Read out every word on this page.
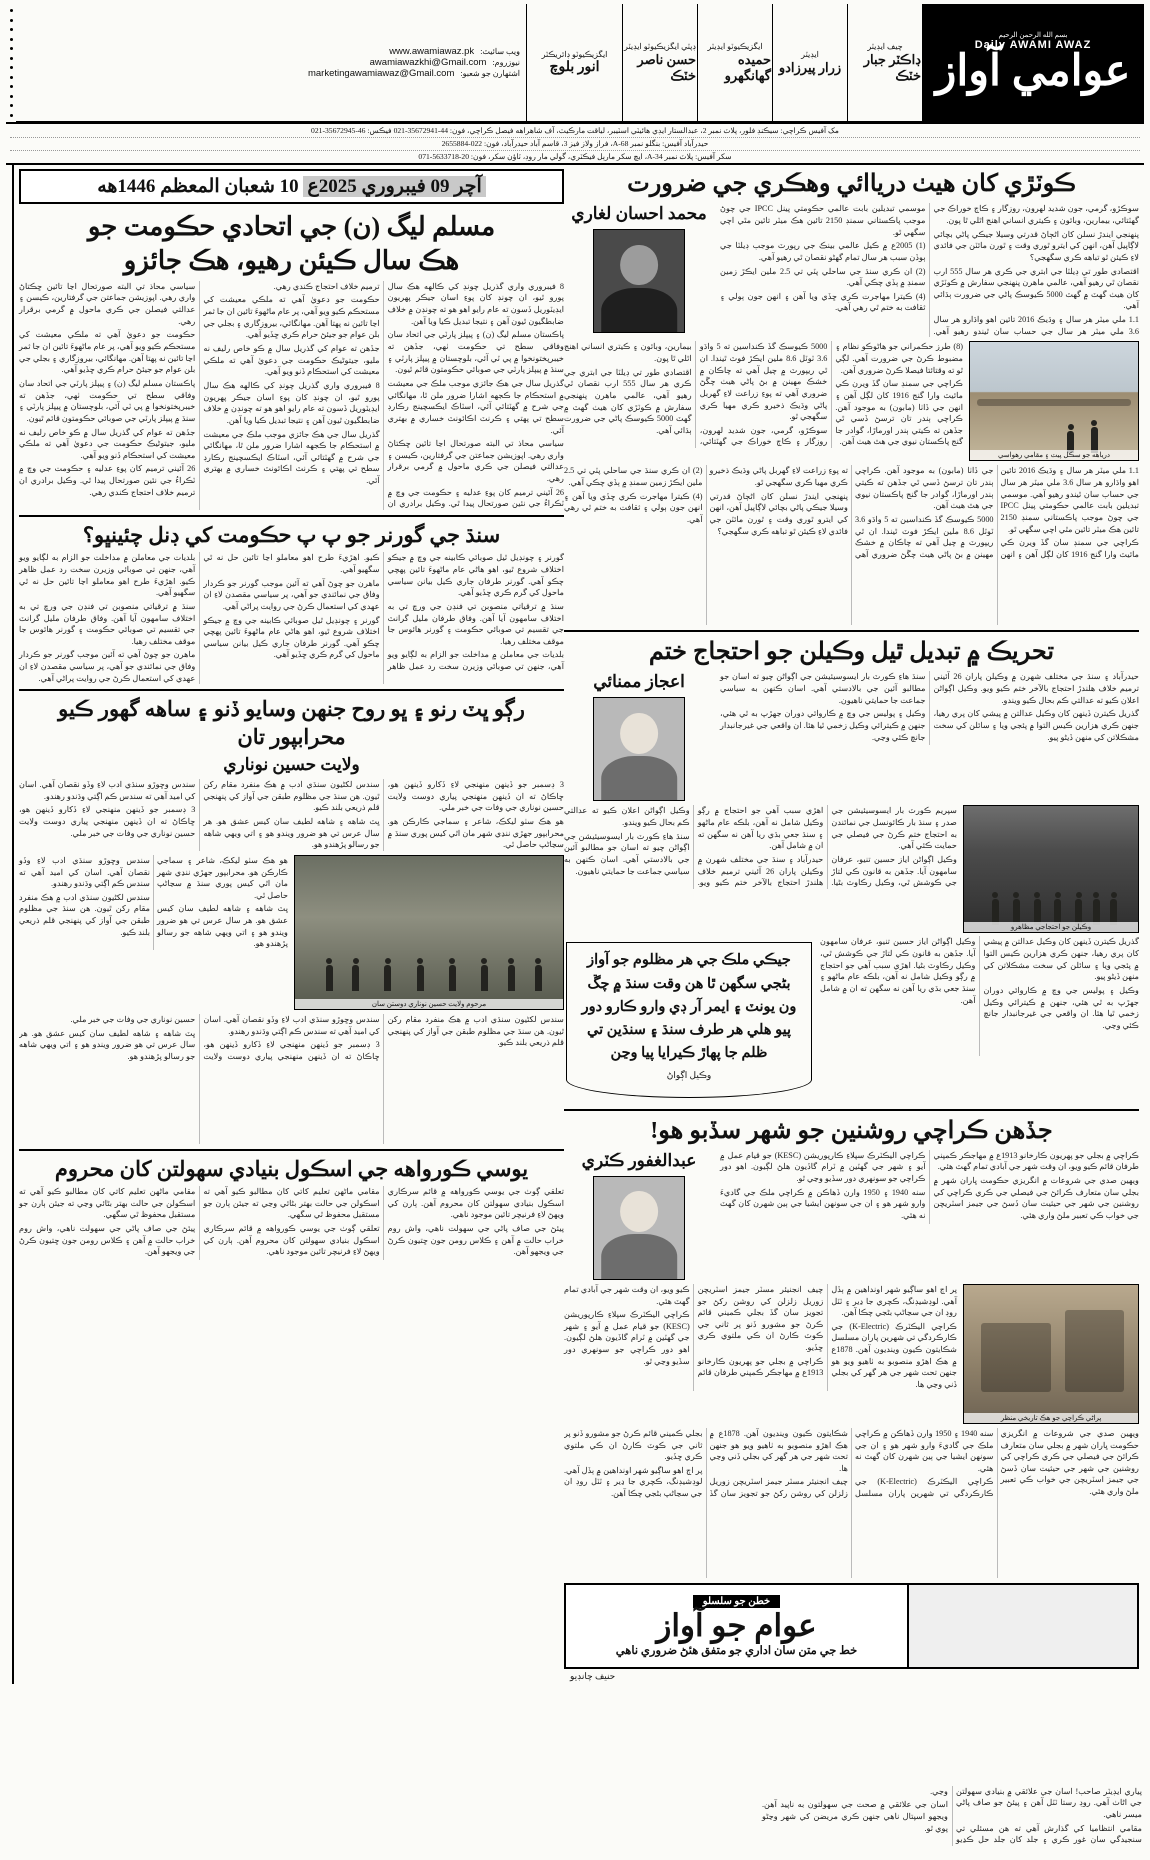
بسم الله الرحمن الرحيم
Daily AWAMI AWAZ
عوامي آواز
چيف ايڊيٽر
ڊاڪٽر جبار خٽڪ
ايڊيٽر
زرار پيرزادو
ايگزيڪيوٽو ايڊيٽر
حميده گهانگهرو
ڊپٽي ايگزيڪيوٽو ايڊيٽر
حسن ناصر خٽڪ
ايگزيڪيوٽو ڊائريڪٽر
انور بلوچ
ويب سائيٽ:
www.awamiawaz.pk
نيوزروم:
awamiawazkhi@Gmail.com
اشتهارن جو شعبو:
marketingawamiawaz@Gmail.com
مک آفيس ڪراچي: سيڪنڊ فلور، پلاٽ نمبر 2، عبدالستار ايڊي هائيٽي اسٽيبر، لياقت مارڪيٽ، آف شاهراهه فيصل ڪراچي، فون: 44-35672941-021 فيڪس: 46-35672945-021
حيدرآباد آفيس: بنگلو نمبر A-68، فراز ولاز فيز 3، قاسم آباد حيدرآباد، فون: 022-2655884
سکر آفيس: پلاٽ نمبر A-34، ايڇ سکر مارٻل فيڪٽري، گولي مار روڊ، ٽاؤن سکر، فون: 20-5633718-071
ڪوٽڙي کان هيٺ درياائي وهڪري جي ضرورت

سوڪڙو، گرمي، جون شديد لهرون، روزگار ۽ ڪاڄ خوراڪ جي گهٽتائي، بيمارين، وبائون ۽ ڪيتري انساني اهنج اٿلي ٿا پون.

پنهنجي ايندڙ نسلن کان اڻڄاڻ قدرتي وسيلا جيڪي پاڻي بچائي لاڳاپيل آهن، انهن کي ايترو ٿوري وقت ۽ ٿورن مائٽن جي فائدي لاءِ ڪيئن ٿو تباهه ڪري سگهجي؟

اقتصادي طور تي ڊيلٽا جي ابتري جي ڪري هر سال 555 ارب نقصان ٿي رهيو آهي، عالمي ماهرن پنهنجي سفارش ۾ ڪوٽڙي کان هيٺ گهٽ ۾ گهٽ 5000 ڪيوسڪ پاڻي جي ضرورت ٻڌائي آهي.

1.1 ملي ميٽر هر سال ۽ وڌيڪ 2016 تائين اهو واڌارو هر سال 3.6 ملي ميٽر هر سال جي حساب سان ٿيندو رهيو آهي. موسمي تبديلين بابت عالمي حڪومتي پينل IPCC جي چوڻ موجب پاڪستاني سمنڊ 2150 تائين هڪ ميٽر تائين مٿي اچي سگهي ٿو.

(1) 2005ع ۾ ڪيل عالمي بينڪ جي رپورٽ موجب ڊيلٽا جي ٻوڏن سبب هر سال تمام گهڻو نقصان ٿي رهيو آهي.

(2) ان ڪري سنڌ جي ساحلي پٽي تي 2.5 ملين ايڪڙ زمين سمنڊ ۾ ٻڏي چڪي آهي.

(4) ڪيترا مهاجرت ڪري ڇڏي ويا آهن ۽ انهن جون ٻولي ۽ ثقافت به ختم ٿي رهي آهي.

محمد احسان لغاري
درياهه جو سڪل پيٽ ۽ مقامي رهواسي

(8) طرز حڪمراني جو هاڻوڪو نظام ۽ مضبوط ڪرڻ جي ضرورت آهي. لڳي ٿو ته وقتائتا فيصلا ڪرڻ ضروري آهن.

ڪراچي جي سمنڊ سان گڏ ويرن ڪي مائيٽ وارا گنج 1916 کان لڳل آهن ۽ انهن جي ڏاٺا (مابون) به موجود آهن. ڪراچي ٻندر تان ترسڻ ڏسي ٿي جڏهن ته ڪيتي ٻندر اورماڙا، گوادر جا گنج پاڪستان نيوي جي هٿ هيٺ آهن.

5000 ڪيوسڪ گڏ ڪنداسين ته 5 واڌو 3.6 ٽوٽل 8.6 ملين ايڪڙ فوٽ ٿيندا. ان ٿي ريپورٽ ۾ چيل آهي ته چاڪان ۾ خشڪ مهينن ۾ بڻ پاڻي هيٺ چڱڻ ضروري آهي ته پوءِ زراعت لاءِ گهربل پاڻي وڌيڪ ذخيرو ڪري مهيا ڪري سگهجي ٿو.

سوڪڙو، گرمي، جون شديد لهرون، روزگار ۽ ڪاڄ خوراڪ جي گهٽتائي، بيمارين، وبائون ۽ ڪيتري انساني اهنج اٿلي ٿا پون.

اقتصادي طور تي ڊيلٽا جي ابتري جي ڪري هر سال 555 ارب نقصان ٿي رهيو آهي، عالمي ماهرن پنهنجي سفارش ۾ ڪوٽڙي کان هيٺ گهٽ ۾ گهٽ 5000 ڪيوسڪ پاڻي جي ضرورت ٻڌائي آهي.

1.1 ملي ميٽر هر سال ۽ وڌيڪ 2016 تائين اهو واڌارو هر سال 3.6 ملي ميٽر هر سال جي حساب سان ٿيندو رهيو آهي. موسمي تبديلين بابت عالمي حڪومتي پينل IPCC جي چوڻ موجب پاڪستاني سمنڊ 2150 تائين هڪ ميٽر تائين مٿي اچي سگهي ٿو.

ڪراچي جي سمنڊ سان گڏ ويرن ڪي مائيٽ وارا گنج 1916 کان لڳل آهن ۽ انهن جي ڏاٺا (مابون) به موجود آهن. ڪراچي ٻندر تان ترسڻ ڏسي ٿي جڏهن ته ڪيتي ٻندر اورماڙا، گوادر جا گنج پاڪستان نيوي جي هٿ هيٺ آهن.

5000 ڪيوسڪ گڏ ڪنداسين ته 5 واڌو 3.6 ٽوٽل 8.6 ملين ايڪڙ فوٽ ٿيندا. ان ٿي ريپورٽ ۾ چيل آهي ته چاڪان ۾ خشڪ مهينن ۾ بڻ پاڻي هيٺ چڱڻ ضروري آهي ته پوءِ زراعت لاءِ گهربل پاڻي وڌيڪ ذخيرو ڪري مهيا ڪري سگهجي ٿو.

پنهنجي ايندڙ نسلن کان اڻڄاڻ قدرتي وسيلا جيڪي پاڻي بچائي لاڳاپيل آهن، انهن کي ايترو ٿوري وقت ۽ ٿورن مائٽن جي فائدي لاءِ ڪيئن ٿو تباهه ڪري سگهجي؟

(2) ان ڪري سنڌ جي ساحلي پٽي تي 2.5 ملين ايڪڙ زمين سمنڊ ۾ ٻڏي چڪي آهي.

(4) ڪيترا مهاجرت ڪري ڇڏي ويا آهن ۽ انهن جون ٻولي ۽ ثقافت به ختم ٿي رهي آهي.

تحريڪ ۾ تبديل ٿيل وڪيلن جو احتجاج ختم

حيدرآباد ۽ سنڌ جي مختلف شهرن ۾ وڪيلن پاران 26 آئيني ترميم خلاف هلندڙ احتجاج بالآخر ختم ڪيو ويو. وڪيل اڳواڻن اعلان ڪيو ته عدالتي ڪم بحال ڪيو ويندو.

گذريل ڪيترن ڏينهن کان وڪيل عدالتن ۾ پيشي کان پري رهيا، جنهن ڪري هزارين ڪيس التوا ۾ پئجي ويا ۽ سائلن کي سخت مشڪلاتن کي منهن ڏيڻو پيو.

سنڌ هاءِ ڪورٽ بار ايسوسيئيشن جي اڳواڻن چيو ته اسان جو مطالبو آئين جي بالادستي آهي. اسان ڪنهن به سياسي جماعت جا حمايتي ناهيون.

وڪيل ۽ پوليس جي وچ ۾ ڪاروائي دوران جهڙپ به ٿي هئي، جنهن ۾ ڪيترائي وڪيل زخمي ٿيا هئا. ان واقعي جي غيرجانبدار جانچ ڪئي وڃي.

اعجاز ممنائي
وڪيلن جو احتجاجي مظاهرو

سپريم ڪورٽ بار ايسوسيئيشن جي صدر ۽ سنڌ بار ڪائونسل جي نمائندن به احتجاج ختم ڪرڻ جي فيصلي جي حمايت ڪئي آهي.

وڪيل اڳواڻن اياز حسين تنيو، عرفان سامهون آيا. جڏهن به قانون ڪي لتاڙ جي ڪوشش ٿي، وڪيل رڪاوٽ بڻيا. اهڙي سبب آهي جو احتجاج ۾ رڳو وڪيل شامل نه آهن، بلڪه عام ماڻهو ۽ سنڌ جعي بڌي ريا آهن نه سگهن ته ان ۾ شامل آهن.

حيدرآباد ۽ سنڌ جي مختلف شهرن ۾ وڪيلن پاران 26 آئيني ترميم خلاف هلندڙ احتجاج بالآخر ختم ڪيو ويو. وڪيل اڳواڻن اعلان ڪيو ته عدالتي ڪم بحال ڪيو ويندو.

سنڌ هاءِ ڪورٽ بار ايسوسيئيشن جي اڳواڻن چيو ته اسان جو مطالبو آئين جي بالادستي آهي. اسان ڪنهن به سياسي جماعت جا حمايتي ناهيون.

گذريل ڪيترن ڏينهن کان وڪيل عدالتن ۾ پيشي کان پري رهيا، جنهن ڪري هزارين ڪيس التوا ۾ پئجي ويا ۽ سائلن کي سخت مشڪلاتن کي منهن ڏيڻو پيو.

وڪيل ۽ پوليس جي وچ ۾ ڪاروائي دوران جهڙپ به ٿي هئي، جنهن ۾ ڪيترائي وڪيل زخمي ٿيا هئا. ان واقعي جي غيرجانبدار جانچ ڪئي وڃي.

وڪيل اڳواڻن اياز حسين تنيو، عرفان سامهون آيا. جڏهن به قانون ڪي لتاڙ جي ڪوشش ٿي، وڪيل رڪاوٽ بڻيا. اهڙي سبب آهي جو احتجاج ۾ رڳو وڪيل شامل نه آهن، بلڪه عام ماڻهو ۽ سنڌ جعي بڌي ريا آهن نه سگهن ته ان ۾ شامل آهن.

جيڪي ملڪ جي هر مظلوم جو آواز بڻجي سگهن ٿا هن وقت سنڌ ۾ چڱ ون يونٽ ۽ ايمر آر ڊي وارو ڪارو دور پيو هلي هر طرف سنڌ ۽ سنڌين تي ظلم جا پهاڙ ڪيرايا پيا وڃن
وڪيل اڳواڻ
جڏهن ڪراچي روشنين جو شهر سڏبو هو!

ڪراچي ۾ بجلي جو پهريون ڪارخانو 1913ع ۾ مهاجڪر ڪمپني طرفان قائم ڪيو ويو، ان وقت شهر جي آبادي تمام گهٽ هئي.

ويهين صدي جي شروعات ۾ انگريزي حڪومت ڀاران شهر ۾ بجلي سان متعارف ڪرائڻ جي فيصلي جي ڪري ڪراچي کي روشنين جي شهر جي حيثيت سان ڏسڻ جي جيمز اسٽريچن جي خواب ڪي تعبير ملڻ واري هئي.

ڪراچي اليڪٽرڪ سپلاءِ ڪارپوريشن (KESC) جو قيام عمل ۾ آيو ۽ شهر جي گهٽين ۾ ٽرام گاڏيون هلڻ لڳيون. اهو دور ڪراچي جو سونهري دور سڏيو وڃي ٿو.

سنه 1940 ۽ 1950 وارن ڏهاڪن ۾ ڪراچي ملڪ جي گاديءَ وارو شهر هو ۽ ان جي سونهن ايشيا جي ٻين شهرن کان گهٽ نه هئي.

عبدالغفور ڪٽري
پراڻي ڪراچي جو هڪ تاريخي منظر

پر اڄ اهو ساڳيو شهر اونداهين ۾ ٻڏل آهي. لوڊشيڊنگ، ڪچري جا ڍير ۽ ٽٽل روڊ ان جي سڃاڻپ بڻجي چڪا آهن.

ڪراچي اليڪٽرڪ (K-Electric) جي ڪارڪردگي تي شهرين پاران مسلسل شڪايتون ڪيون وينديون آهن. 1878ع ۾ هڪ اهڙو منصوبو به ٺاهيو ويو هو جنهن تحت شهر جي هر گهر کي بجلي ڏني وڃي ها.

چيف انجنيئر مسٽر جيمز اسٽريچن زوريل زلزلن کي روشن رکڻ جو تجويز سان گڏ بجلي ڪميني قائم ڪرڻ جو مشورو ڏنو پر ثاني جي ڪوٽ ڪارڻ ان ڪي ملتوي ڪري ڇڏيو.

ڪراچي ۾ بجلي جو پهريون ڪارخانو 1913ع ۾ مهاجڪر ڪمپني طرفان قائم ڪيو ويو، ان وقت شهر جي آبادي تمام گهٽ هئي.

ڪراچي اليڪٽرڪ سپلاءِ ڪارپوريشن (KESC) جو قيام عمل ۾ آيو ۽ شهر جي گهٽين ۾ ٽرام گاڏيون هلڻ لڳيون. اهو دور ڪراچي جو سونهري دور سڏيو وڃي ٿو.

ويهين صدي جي شروعات ۾ انگريزي حڪومت ڀاران شهر ۾ بجلي سان متعارف ڪرائڻ جي فيصلي جي ڪري ڪراچي کي روشنين جي شهر جي حيثيت سان ڏسڻ جي جيمز اسٽريچن جي خواب ڪي تعبير ملڻ واري هئي.

سنه 1940 ۽ 1950 وارن ڏهاڪن ۾ ڪراچي ملڪ جي گاديءَ وارو شهر هو ۽ ان جي سونهن ايشيا جي ٻين شهرن کان گهٽ نه هئي.

ڪراچي اليڪٽرڪ (K-Electric) جي ڪارڪردگي تي شهرين پاران مسلسل شڪايتون ڪيون وينديون آهن. 1878ع ۾ هڪ اهڙو منصوبو به ٺاهيو ويو هو جنهن تحت شهر جي هر گهر کي بجلي ڏني وڃي ها.

چيف انجنيئر مسٽر جيمز اسٽريچن زوريل زلزلن کي روشن رکڻ جو تجويز سان گڏ بجلي ڪميني قائم ڪرڻ جو مشورو ڏنو پر ثاني جي ڪوٽ ڪارڻ ان ڪي ملتوي ڪري ڇڏيو.

پر اڄ اهو ساڳيو شهر اونداهين ۾ ٻڏل آهي. لوڊشيڊنگ، ڪچري جا ڍير ۽ ٽٽل روڊ ان جي سڃاڻپ بڻجي چڪا آهن.

خطن جو سلسلو
عوام جو آواز
خط جي متن سان اداري جو متفق هئڻ ضروري ناهي
حنيف چانڊيو
آچر 09 فيبروري 2025ع 10 شعبان المعظم 1446هه
مسلم ليگ (ن) جي اتحادي حڪومت جو
هڪ سال ڪيئن رهيو، هڪ جائزو

8 فيبروري واري گذريل چونڊ کي ڪالهه هڪ سال پورو ٿيو، ان چونڊ کان پوءِ اسان جيڪر پهريون ايڊيٽوريل ڏسون ته عام رايو اهو هو ته چونڊن ۾ خلاف ضابطگيون ٿيون آهن ۽ نتيجا تبديل ڪيا ويا آهن.

پاڪستان مسلم ليگ (ن) ۽ پيپلز پارٽي جي اتحاد سان وفاقي سطح تي حڪومت ٺهي، جڏهن ته خيبرپختونخوا ۾ پي ٽي آئي، بلوچستان ۾ پيپلز پارٽي ۽ سنڌ ۾ پيپلز پارٽي جي صوبائي حڪومتون قائم ٿيون.

گذريل سال جي هڪ جائزي موجب ملڪ جي معيشت ۾ استحڪام جا ڪجهه اشارا ضرور ملن ٿا، مهانگائي جي شرح ۾ گهٽتائي آئي، اسٽاڪ ايڪسچينج رڪارڊ سطح تي پهتي ۽ ڪرنٽ اڪائونٽ خساري ۾ بهتري آئي.

سياسي محاذ تي البته صورتحال اڃا تائين ڇڪتاڻ واري رهي. اپوزيشن جماعتن جي گرفتارين، ڪيسن ۽ عدالتي فيصلن جي ڪري ماحول ۾ گرمي برقرار رهي.

26 آئيني ترميم کان پوءِ عدليه ۽ حڪومت جي وچ ۾ ٽڪراءُ جي نئين صورتحال پيدا ٿي. وڪيل برادري ان ترميم خلاف احتجاج ڪندي رهي.

حڪومت جو دعويٰ آهي ته ملڪي معيشت کي مستحڪم ڪيو ويو آهي، پر عام ماڻهوءَ تائين ان جا ثمر اڃا تائين نه پهتا آهن. مهانگائي، بيروزگاري ۽ بجلي جي بلن عوام جو جيئڻ حرام ڪري ڇڏيو آهي.

جڏهن ته عوام کي گذريل سال ۾ ڪو خاص رليف نه مليو، جيتوڻيڪ حڪومت جي دعويٰ آهي ته ملڪي معيشت کي استحڪام ڏنو ويو آهي.

8 فيبروري واري گذريل چونڊ کي ڪالهه هڪ سال پورو ٿيو، ان چونڊ کان پوءِ اسان جيڪر پهريون ايڊيٽوريل ڏسون ته عام رايو اهو هو ته چونڊن ۾ خلاف ضابطگيون ٿيون آهن ۽ نتيجا تبديل ڪيا ويا آهن.

گذريل سال جي هڪ جائزي موجب ملڪ جي معيشت ۾ استحڪام جا ڪجهه اشارا ضرور ملن ٿا، مهانگائي جي شرح ۾ گهٽتائي آئي، اسٽاڪ ايڪسچينج رڪارڊ سطح تي پهتي ۽ ڪرنٽ اڪائونٽ خساري ۾ بهتري آئي.

سياسي محاذ تي البته صورتحال اڃا تائين ڇڪتاڻ واري رهي. اپوزيشن جماعتن جي گرفتارين، ڪيسن ۽ عدالتي فيصلن جي ڪري ماحول ۾ گرمي برقرار رهي.

حڪومت جو دعويٰ آهي ته ملڪي معيشت کي مستحڪم ڪيو ويو آهي، پر عام ماڻهوءَ تائين ان جا ثمر اڃا تائين نه پهتا آهن. مهانگائي، بيروزگاري ۽ بجلي جي بلن عوام جو جيئڻ حرام ڪري ڇڏيو آهي.

پاڪستان مسلم ليگ (ن) ۽ پيپلز پارٽي جي اتحاد سان وفاقي سطح تي حڪومت ٺهي، جڏهن ته خيبرپختونخوا ۾ پي ٽي آئي، بلوچستان ۾ پيپلز پارٽي ۽ سنڌ ۾ پيپلز پارٽي جي صوبائي حڪومتون قائم ٿيون.

جڏهن ته عوام کي گذريل سال ۾ ڪو خاص رليف نه مليو، جيتوڻيڪ حڪومت جي دعويٰ آهي ته ملڪي معيشت کي استحڪام ڏنو ويو آهي.

26 آئيني ترميم کان پوءِ عدليه ۽ حڪومت جي وچ ۾ ٽڪراءُ جي نئين صورتحال پيدا ٿي. وڪيل برادري ان ترميم خلاف احتجاج ڪندي رهي.

سنڌ جي گورنر جو پ پ حڪومت کي ڊنل چئينڀو؟

گورنر ۽ چونڊيل ٿيل صوبائي ڪابينه جي وچ ۾ جيڪو اختلاف شروع ٿيو، اهو هاڻي عام ماڻهوءَ تائين پهچي چڪو آهي. گورنر طرفان جاري ڪيل بيانن سياسي ماحول کي گرم ڪري ڇڏيو آهي.

سنڌ ۾ ترقياتي منصوبن تي فنڊن جي ورڇ تي به اختلاف سامهون آيا آهن. وفاق طرفان مليل گرانٽ جي تقسيم تي صوبائي حڪومت ۽ گورنر هائوس جا موقف مختلف رهيا.

بلديات جي معاملن ۾ مداخلت جو الزام به لڳايو ويو آهي، جنهن تي صوبائي وزيرن سخت رد عمل ظاهر ڪيو. اهڙيءَ طرح اهو معاملو اڃا تائين حل نه ٿي سگهيو آهي.

ماهرن جو چوڻ آهي ته آئين موجب گورنر جو ڪردار وفاق جي نمائندي جو آهي، پر سياسي مقصدن لاءِ ان عهدي کي استعمال ڪرڻ جي روايت پراڻي آهي.

گورنر ۽ چونڊيل ٿيل صوبائي ڪابينه جي وچ ۾ جيڪو اختلاف شروع ٿيو، اهو هاڻي عام ماڻهوءَ تائين پهچي چڪو آهي. گورنر طرفان جاري ڪيل بيانن سياسي ماحول کي گرم ڪري ڇڏيو آهي.

بلديات جي معاملن ۾ مداخلت جو الزام به لڳايو ويو آهي، جنهن تي صوبائي وزيرن سخت رد عمل ظاهر ڪيو. اهڙيءَ طرح اهو معاملو اڃا تائين حل نه ٿي سگهيو آهي.

سنڌ ۾ ترقياتي منصوبن تي فنڊن جي ورڇ تي به اختلاف سامهون آيا آهن. وفاق طرفان مليل گرانٽ جي تقسيم تي صوبائي حڪومت ۽ گورنر هائوس جا موقف مختلف رهيا.

ماهرن جو چوڻ آهي ته آئين موجب گورنر جو ڪردار وفاق جي نمائندي جو آهي، پر سياسي مقصدن لاءِ ان عهدي کي استعمال ڪرڻ جي روايت پراڻي آهي.

رڳو ڀٽ رنو ۽ ڀو روح جنهن وسايو ڏنو ۽ ساهه گهور ڪيو محرابپور تان
ولايت حسين نوناري

3 ڊسمبر جو ڏينهن منهنجي لاءِ ڏکارو ڏينهن هو، ڇاڪاڻ ته ان ڏينهن منهنجي پياري دوست ولايت حسين نوناري جي وفات جي خبر ملي.

هو هڪ سٺو ليکڪ، شاعر ۽ سماجي ڪارڪن هو. محرابپور جهڙي ننڍي شهر مان اٿي کيس پوري سنڌ ۾ سڃاڻپ حاصل ٿي.

سندس لکڻيون سنڌي ادب ۾ هڪ منفرد مقام رکن ٿيون. هن سنڌ جي مظلوم طبقن جي آواز کي پنهنجي قلم ذريعي بلند ڪيو.

ڀٽ شاهه ۽ شاهه لطيف سان کيس عشق هو. هر سال عرس تي هو ضرور ويندو هو ۽ اتي ويهي شاهه جو رسالو پڙهندو هو.

سندس وڇوڙو سنڌي ادب لاءِ وڏو نقصان آهي. اسان کي اميد آهي ته سندس ڪم اڳتي وڌندو رهندو.

3 ڊسمبر جو ڏينهن منهنجي لاءِ ڏکارو ڏينهن هو، ڇاڪاڻ ته ان ڏينهن منهنجي پياري دوست ولايت حسين نوناري جي وفات جي خبر ملي.

مرحوم ولايت حسين نوناري دوستن سان

هو هڪ سٺو ليکڪ، شاعر ۽ سماجي ڪارڪن هو. محرابپور جهڙي ننڍي شهر مان اٿي کيس پوري سنڌ ۾ سڃاڻپ حاصل ٿي.

ڀٽ شاهه ۽ شاهه لطيف سان کيس عشق هو. هر سال عرس تي هو ضرور ويندو هو ۽ اتي ويهي شاهه جو رسالو پڙهندو هو.

سندس وڇوڙو سنڌي ادب لاءِ وڏو نقصان آهي. اسان کي اميد آهي ته سندس ڪم اڳتي وڌندو رهندو.

سندس لکڻيون سنڌي ادب ۾ هڪ منفرد مقام رکن ٿيون. هن سنڌ جي مظلوم طبقن جي آواز کي پنهنجي قلم ذريعي بلند ڪيو.

سندس لکڻيون سنڌي ادب ۾ هڪ منفرد مقام رکن ٿيون. هن سنڌ جي مظلوم طبقن جي آواز کي پنهنجي قلم ذريعي بلند ڪيو.

سندس وڇوڙو سنڌي ادب لاءِ وڏو نقصان آهي. اسان کي اميد آهي ته سندس ڪم اڳتي وڌندو رهندو.

3 ڊسمبر جو ڏينهن منهنجي لاءِ ڏکارو ڏينهن هو، ڇاڪاڻ ته ان ڏينهن منهنجي پياري دوست ولايت حسين نوناري جي وفات جي خبر ملي.

ڀٽ شاهه ۽ شاهه لطيف سان کيس عشق هو. هر سال عرس تي هو ضرور ويندو هو ۽ اتي ويهي شاهه جو رسالو پڙهندو هو.

يوسي ڪورواهه جي اسڪول بنيادي سهولتن کان محروم

تعلقي ڳوٺ جي يوسي ڪورواهه ۾ قائم سرڪاري اسڪول بنيادي سهولتن کان محروم آهن. ٻارن کي ويهڻ لاءِ فرنيچر تائين موجود ناهي.

پيئڻ جي صاف پاڻي جي سهولت ناهي، واش روم خراب حالت ۾ آهن ۽ ڪلاس رومن جون ڇتيون ڪرڻ جي ويجهو آهن.

مقامي ماڻهن تعليم کاتي کان مطالبو ڪيو آهي ته اسڪولن جي حالت بهتر بڻائي وڃي ته جيئن ٻارن جو مستقبل محفوظ ٿي سگهي.

تعلقي ڳوٺ جي يوسي ڪورواهه ۾ قائم سرڪاري اسڪول بنيادي سهولتن کان محروم آهن. ٻارن کي ويهڻ لاءِ فرنيچر تائين موجود ناهي.

مقامي ماڻهن تعليم کاتي کان مطالبو ڪيو آهي ته اسڪولن جي حالت بهتر بڻائي وڃي ته جيئن ٻارن جو مستقبل محفوظ ٿي سگهي.

پيئڻ جي صاف پاڻي جي سهولت ناهي، واش روم خراب حالت ۾ آهن ۽ ڪلاس رومن جون ڇتيون ڪرڻ جي ويجهو آهن.

پياري ايڊيٽر صاحب! اسان جي علائقي ۾ بنيادي سهولتن جي اڻاٺ آهي. روڊ رستا ٽٽل آهن ۽ پيئڻ جو صاف پاڻي ميسر ناهي.

مقامي انتظاميا کي گذارش آهي ته هن مسئلي تي سنجيدگي سان غور ڪري ۽ جلد کان جلد حل ڪڍيو وڃي.

اسان جي علائقي ۾ صحت جي سهولتون به ناپيد آهن. ويجهو اسپتال ناهي جنهن ڪري مريضن کي شهر وڃڻو پوي ٿو.
